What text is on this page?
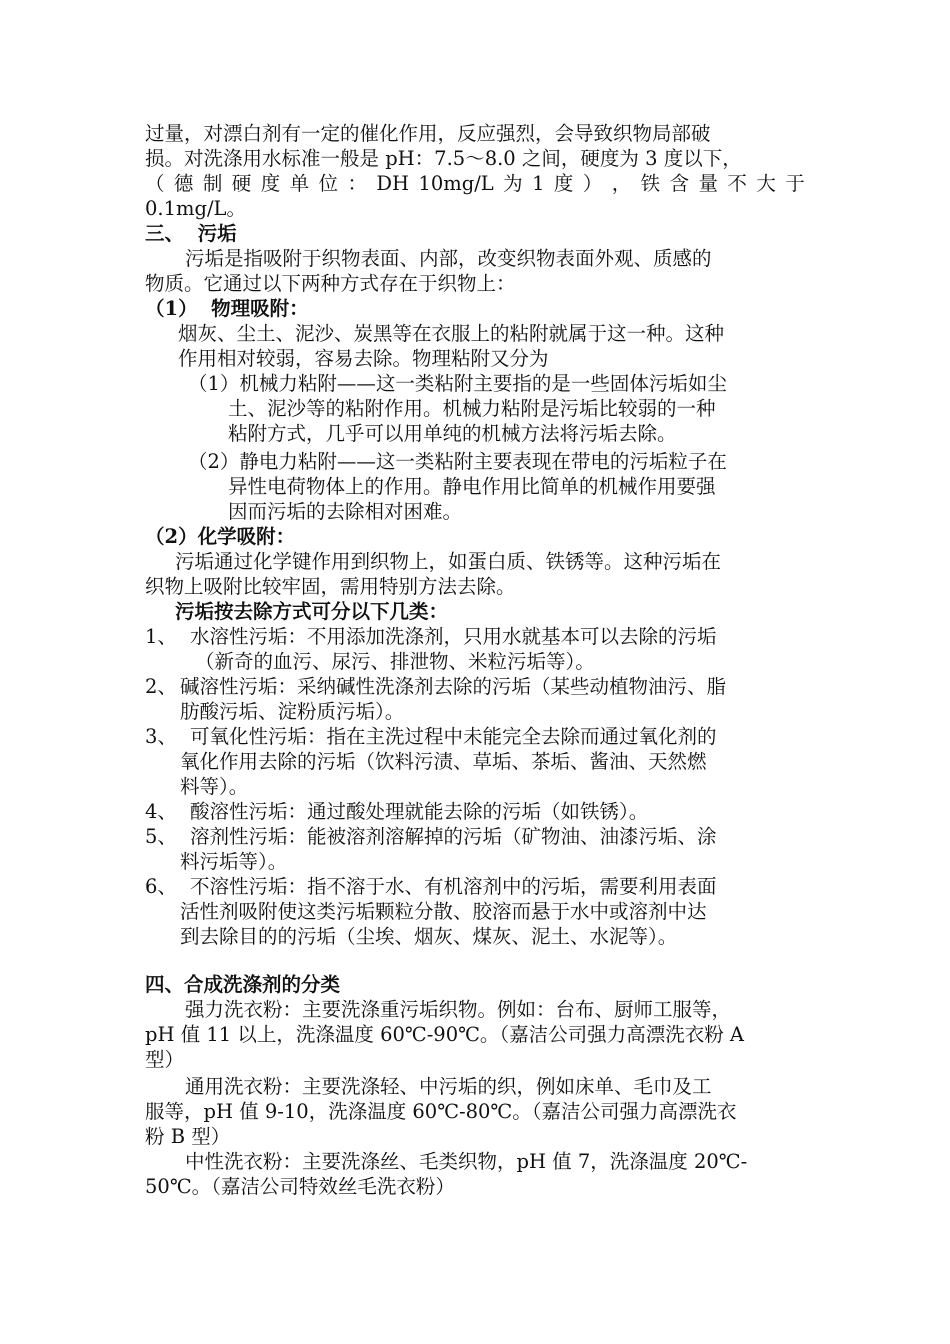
过量，对漂白剂有一定的催化作用，反应强烈，会导致织物局部破
损。对洗涤用水标准一般是 pH：7.5～8.0 之间，硬度为 3 度以下，
（ 德 制 硬 度 单 位 ： DH 10mg/L 为 1 度 ） ， 铁 含 量 不 大 于
0.1mg/L。
三、  污垢
污垢是指吸附于织物表面、内部，改变织物表面外观、质感的
物质。它通过以下两种方式存在于织物上：
（1）  物理吸附：
烟灰、尘土、泥沙、炭黑等在衣服上的粘附就属于这一种。这种
作用相对较弱，容易去除。物理粘附又分为
（1）机械力粘附——这一类粘附主要指的是一些固体污垢如尘
土、泥沙等的粘附作用。机械力粘附是污垢比较弱的一种
粘附方式，几乎可以用单纯的机械方法将污垢去除。
（2）静电力粘附——这一类粘附主要表现在带电的污垢粒子在
异性电荷物体上的作用。静电作用比简单的机械作用要强
因而污垢的去除相对困难。
（2）化学吸附：
污垢通过化学键作用到织物上，如蛋白质、铁锈等。这种污垢在
织物上吸附比较牢固，需用特别方法去除。
污垢按去除方式可分以下几类：
1、 水溶性污垢：不用添加洗涤剂，只用水就基本可以去除的污垢
（新奇的血污、尿污、排泄物、米粒污垢等）。
2、 碱溶性污垢：采纳碱性洗涤剂去除的污垢（某些动植物油污、脂
肪酸污垢、淀粉质污垢）。
3、 可氧化性污垢：指在主洗过程中未能完全去除而通过氧化剂的
氧化作用去除的污垢（饮料污渍、草垢、茶垢、酱油、天然燃
料等）。
4、 酸溶性污垢：通过酸处理就能去除的污垢（如铁锈）。
5、 溶剂性污垢：能被溶剂溶解掉的污垢（矿物油、油漆污垢、涂
料污垢等）。
6、 不溶性污垢：指不溶于水、有机溶剂中的污垢，需要利用表面
活性剂吸附使这类污垢颗粒分散、胶溶而悬于水中或溶剂中达
到去除目的的污垢（尘埃、烟灰、煤灰、泥土、水泥等）。
四、合成洗涤剂的分类
强力洗衣粉：主要洗涤重污垢织物。例如：台布、厨师工服等，
pH 值 11 以上，洗涤温度 60℃-90℃。（嘉洁公司强力高漂洗衣粉 A
型）
通用洗衣粉：主要洗涤轻、中污垢的织，例如床单、毛巾及工
服等，pH 值 9-10，洗涤温度 60℃-80℃。（嘉洁公司强力高漂洗衣
粉 B 型）
中性洗衣粉：主要洗涤丝、毛类织物，pH 值 7，洗涤温度 20℃-
50℃。（嘉洁公司特效丝毛洗衣粉）
